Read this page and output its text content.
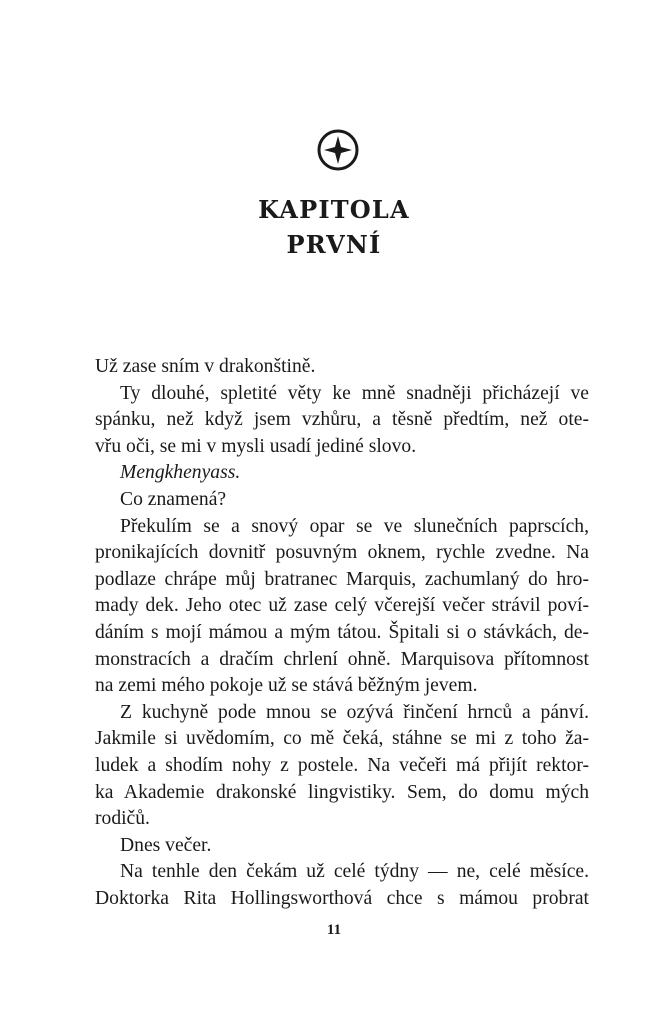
KAPITOLA
PRVNÍ
Už zase sním v drakonštině.
Ty dlouhé, spletité věty ke mně snadněji přicházejí ve
spánku, než když jsem vzhůru, a těsně předtím, než ote-
vřu oči, se mi v mysli usadí jediné slovo.
Mengkhenyass.
Co znamená?
Překulím se a snový opar se ve slunečních paprscích,
pronikajících dovnitř posuvným oknem, rychle zvedne. Na
podlaze chrápe můj bratranec Marquis, zachumlaný do hro-
mady dek. Jeho otec už zase celý včerejší večer strávil poví-
dáním s mojí mámou a mým tátou. Špitali si o stávkách, de-
monstracích a dračím chrlení ohně. Marquisova přítomnost
na zemi mého pokoje už se stává běžným jevem.
Z kuchyně pode mnou se ozývá řinčení hrnců a pánví.
Jakmile si uvědomím, co mě čeká, stáhne se mi z toho ža-
ludek a shodím nohy z postele. Na večeři má přijít rektor-
ka Akademie drakonské lingvistiky. Sem, do domu mých
rodičů.
Dnes večer.
Na tenhle den čekám už celé týdny — ne, celé měsíce.
Doktorka Rita Hollingsworthová chce s mámou probrat
11
